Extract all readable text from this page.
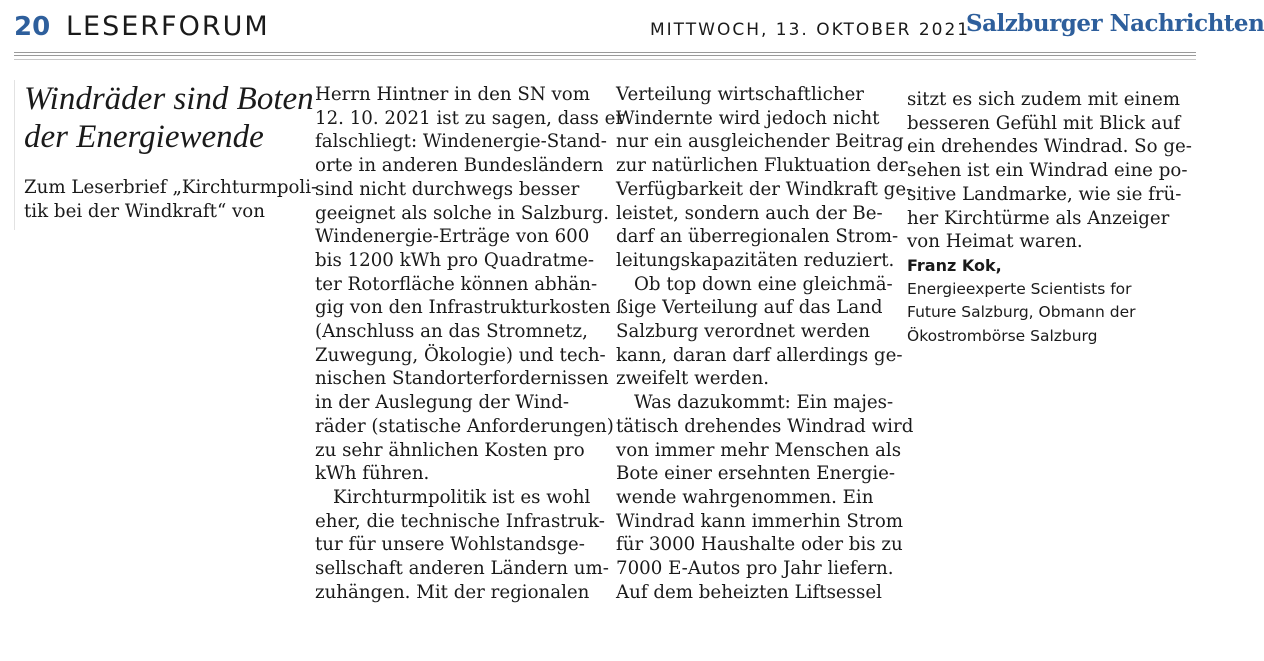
20 LESERFORUM	MITTWOCH, 13. OKTOBER 2021
Salzburger Nachrichten

Windräder sind Boten

der Energiewende

Zum Leserbrief „Kirchturmpoli-

tik bei der Windkraft“ von

Herrn Hintner in den SN vom

12. 10. 2021 ist zu sagen, dass er

falschliegt: Windenergie-Stand-

orte in anderen Bundesländern

sind nicht durchwegs besser

geeignet als solche in Salzburg.

Windenergie-Erträge von 600

bis 1200 kWh pro Quadratme-

ter Rotorfläche können abhän-

gig von den Infrastrukturkosten

(Anschluss an das Stromnetz,

Zuwegung, Ökologie) und tech-

nischen Standorterfordernissen

in der Auslegung der Wind-

räder (statische Anforderungen)

zu sehr ähnlichen Kosten pro

kWh führen.

Kirchturmpolitik ist es wohl

eher, die technische Infrastruk-

tur für unsere Wohlstandsge-

sellschaft anderen Ländern um-

zuhängen. Mit der regionalen

Verteilung wirtschaftlicher

Windernte wird jedoch nicht

nur ein ausgleichender Beitrag

zur natürlichen Fluktuation der

Verfügbarkeit der Windkraft ge-

leistet, sondern auch der Be-

darf an überregionalen Strom-

leitungskapazitäten reduziert.

Ob top down eine gleichmä-

ßige Verteilung auf das Land

Salzburg verordnet werden

kann, daran darf allerdings ge-

zweifelt werden.

Was dazukommt: Ein majes-

tätisch drehendes Windrad wird

von immer mehr Menschen als

Bote einer ersehnten Energie-

wende wahrgenommen. Ein

Windrad kann immerhin Strom

für 3000 Haushalte oder bis zu

7000 E-Autos pro Jahr liefern.

Auf dem beheizten Liftsessel

sitzt es sich zudem mit einem

besseren Gefühl mit Blick auf

ein drehendes Windrad. So ge-

sehen ist ein Windrad eine po-

sitive Landmarke, wie sie frü-

her Kirchtürme als Anzeiger

von Heimat waren.

Franz Kok,

Energieexperte Scientists for

Future Salzburg, Obmann der

Ökostrombörse Salzburg
